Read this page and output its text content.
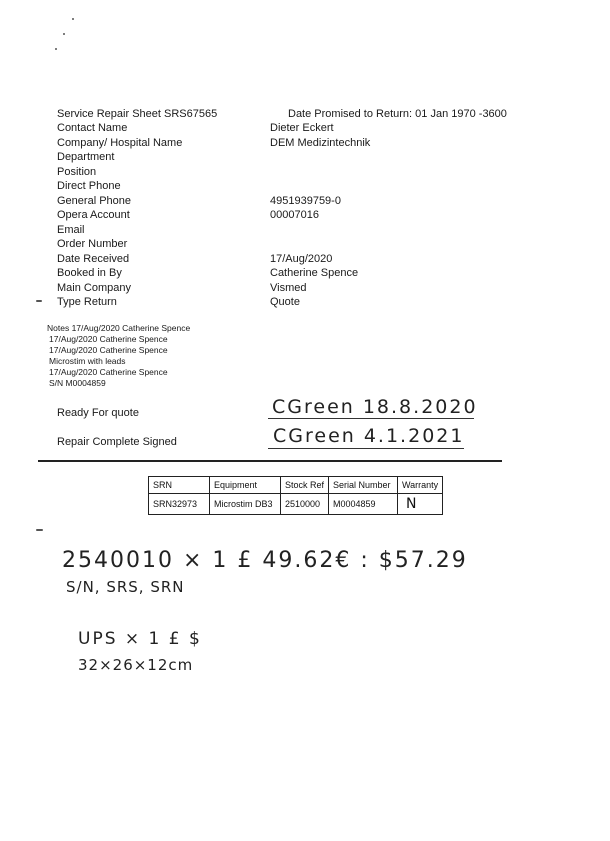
Service Repair Sheet SRS67565	Date Promised to Return: 01 Jan 1970 -3600
Contact Name	Dieter Eckert
Company/ Hospital Name	DEM Medizintechnik
Department
Position
Direct Phone
General Phone	4951939759-0
Opera Account	00007016
Email
Order Number
Date Received	17/Aug/2020
Booked in By	Catherine Spence
Main Company	Vismed
Type Return	Quote
Notes 17/Aug/2020 Catherine Spence
17/Aug/2020 Catherine Spence
17/Aug/2020 Catherine Spence
Microstim with leads
17/Aug/2020 Catherine Spence
S/N M0004859
Ready For quote	CGreen 18.8.2020
Repair Complete Signed	CGreen 4.1.2021
SRN	Equipment	Stock Ref	Serial Number	Warranty
SRN32973	Microstim DB3	2510000	M0004859	N
2540010 × 1 £ 49.62€ : $57.29
S/N, SRS, SRN
UPS × 1 £ $
32×26×12cm
